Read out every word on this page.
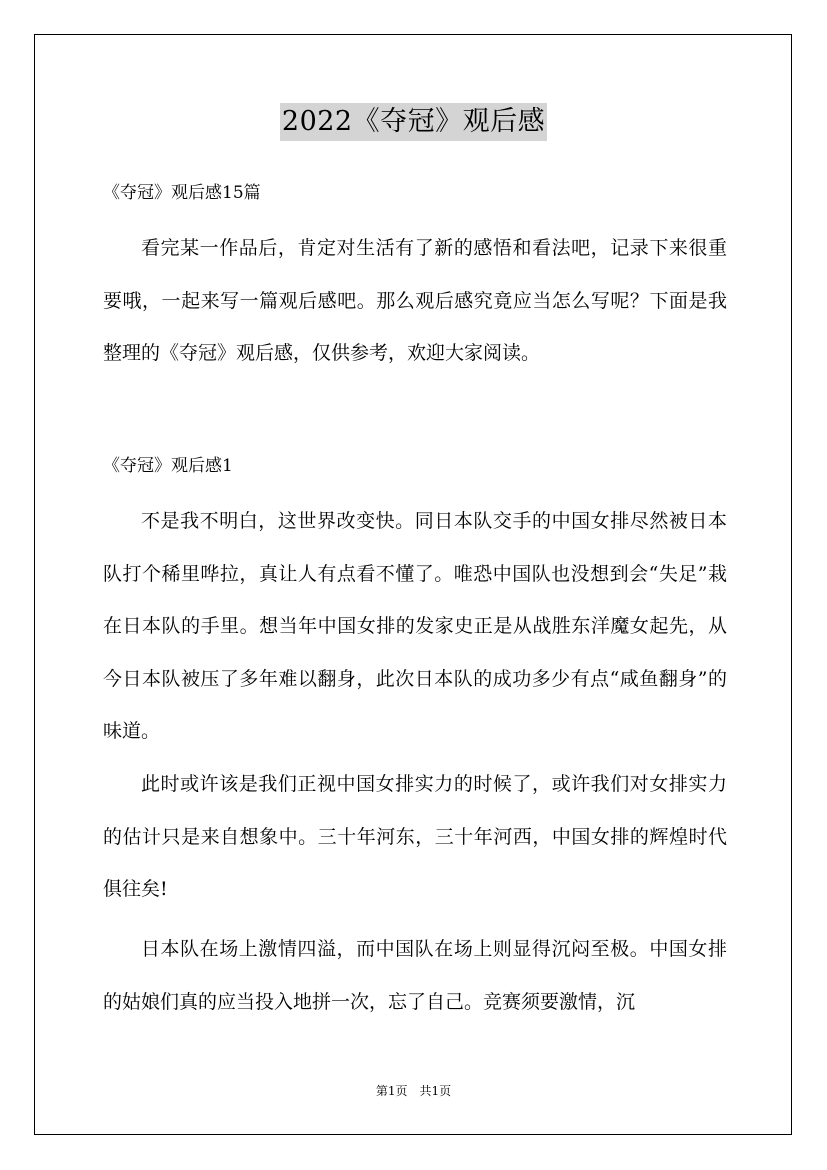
2022《夺冠》观后感
《夺冠》观后感15篇

看完某一作品后，肯定对生活有了新的感悟和看法吧，记录下来很重要哦，一起来写一篇观后感吧。那么观后感究竟应当怎么写呢？下面是我整理的《夺冠》观后感，仅供参考，欢迎大家阅读。

《夺冠》观后感1

不是我不明白，这世界改变快。同日本队交手的中国女排尽然被日本队打个稀里哗拉，真让人有点看不懂了。唯恐中国队也没想到会“失足”栽在日本队的手里。想当年中国女排的发家史正是从战胜东洋魔女起先，从今日本队被压了多年难以翻身，此次日本队的成功多少有点“咸鱼翻身”的味道。

此时或许该是我们正视中国女排实力的时候了，或许我们对女排实力的估计只是来自想象中。三十年河东，三十年河西，中国女排的辉煌时代俱往矣!

日本队在场上激情四溢，而中国队在场上则显得沉闷至极。中国女排的姑娘们真的应当投入地拼一次，忘了自己。竞赛须要激情，沉

第1页　共1页
